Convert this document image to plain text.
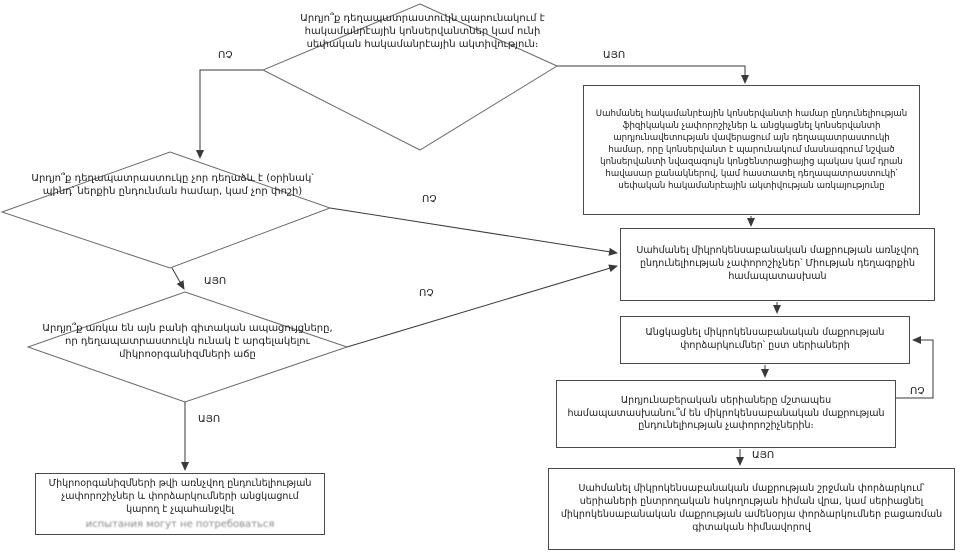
Արդյո՞ք դեղապատրաստուկն պարունակում է հակամանրէային կոնսերվանտներ կամ ունի սեփական հակամանրէային ակտիվություն։
Արդյո՞ք դեղապատրաստուկը չոր դեղաձև է (օրինակ՝ պինդ՝ ներքին ընդունման համար, կամ չոր փոշի)
Արդյո՞ք առկա են այն բանի գիտական ապացույցները, որ դեղապատրաստուկն ունակ է արգելակելու միկրոօրգանիզմների աճը
Սահմանել հակամանրէային կոնսերվանտի համար ընդունելիության ֆիզիկական չափորոշիչներ և անցկացնել կոնսերվանտի արդյունավետության վավերացում այն դեղապատրաստուկի համար, որը կոնսերվանտ է պարունակում մասնագրում նշված կոնսերվանտի նվազագույն կոնցենտրացիայից պակաս կամ դրան հավասար քանակներով, կամ հաստատել դեղապատրաստուկի՝ սեփական հակամանրէային ակտիվության առկայությունը
Սահմանել միկրոկենսաբանական մաքրության առնչվող ընդունելիության չափորոշիչներ՝ Միության դեղագրքին համապատասխան
Անցկացնել միկրոկենսաբանական մաքրության փորձարկումներ՝ ըստ սերիաների
Արդյունաբերական սերիաները մշտապես համապատասխանու՞մ են միկրոկենսաբանական մաքրության ընդունելիության չափորոշիչներին։
Սահմանել միկրոկենսաբանական մաքրության շրջման փորձարկում՝ սերիաների ընտրողական հսկողության հիման վրա, կամ սերիացնել միկրոկենսաբանական մաքրության ամենօրյա փորձարկումներ բացառման գիտական հիմնավորով
Միկրոօրգանիզմների թվի առնչվող ընդունելիության չափորոշիչներ և փորձարկումների անցկացում կարող է չպահանջվել
испытания могут не потребоваться
ՈՉ	ԱՅՈ
ՈՉ
ԱՅՈ
ՈՉ
ԱՅՈ
ՈՉ
ԱՅՈ
